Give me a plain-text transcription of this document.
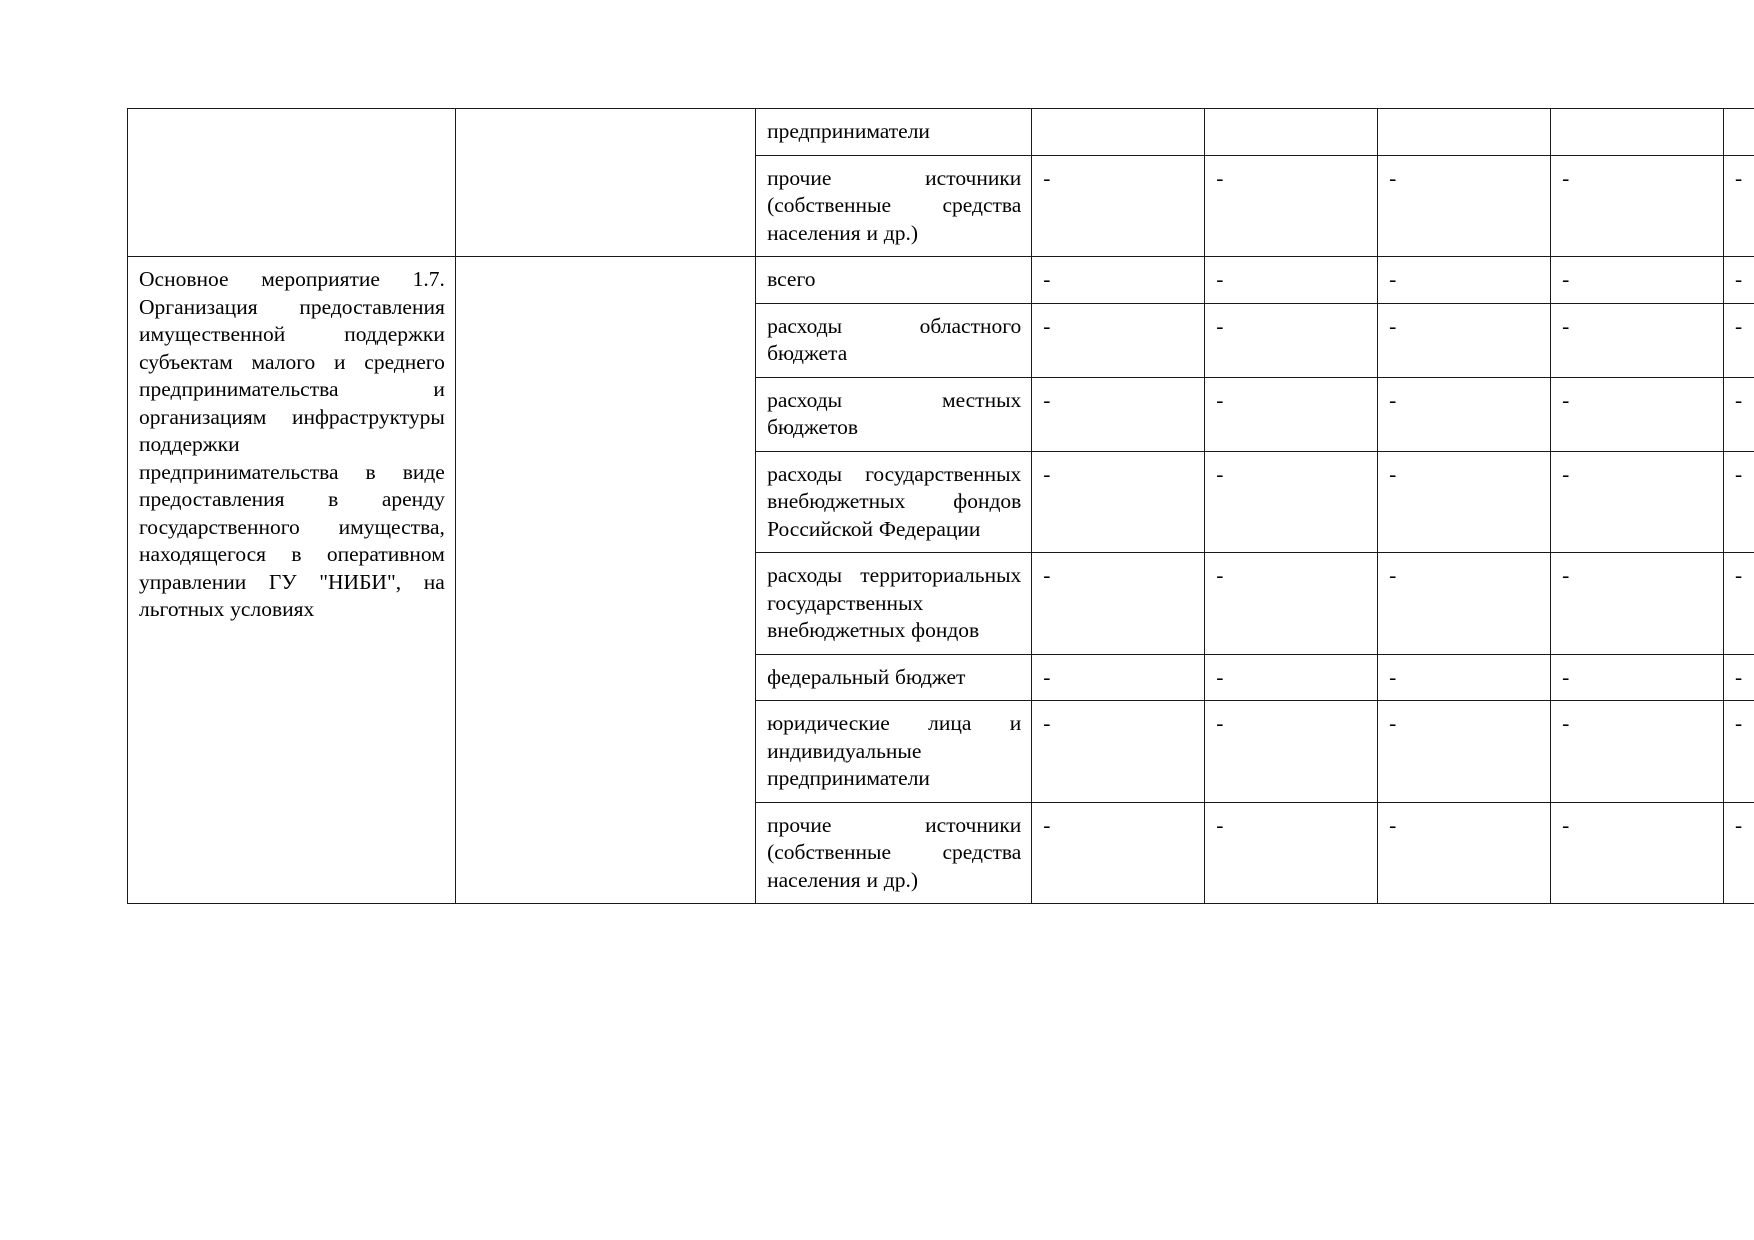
		предприниматели					

		прочие источники (собственные средства населения и др.)	-	-	-	-	-

Основное мероприятие 1.7. Организация предоставления имущественной поддержки субъектам малого и среднего предпринимательства и организациям инфраструктуры поддержки предпринимательства в виде предоставления в аренду государственного имущества, находящегося в оперативном управлении ГУ "НИБИ", на льготных условиях		всего	-	-	-	-	-

		расходы областного бюджета	-	-	-	-	-

		расходы местных бюджетов	-	-	-	-	-

		расходы государственных внебюджетных фондов Российской Федерации	-	-	-	-	-

		расходы территориальных государственных внебюджетных фондов	-	-	-	-	-

		федеральный бюджет	-	-	-	-	-

		юридические лица и индивидуальные предприниматели	-	-	-	-	-

		прочие источники (собственные средства населения и др.)	-	-	-	-	-
